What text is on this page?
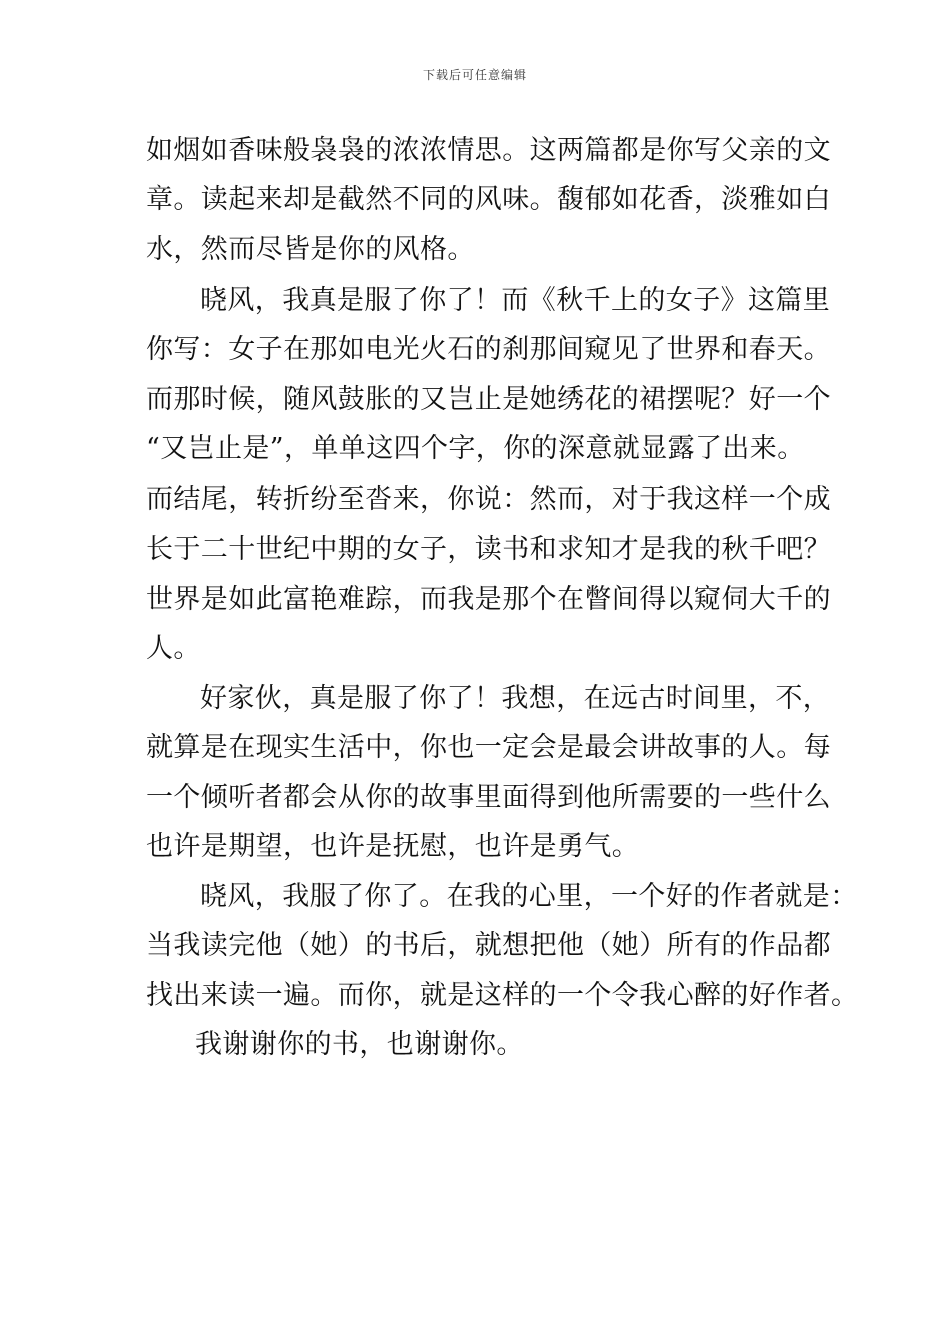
下载后可任意编辑
如烟如香味般袅袅的浓浓情思。这两篇都是你写父亲的文
章。读起来却是截然不同的风味。馥郁如花香，淡雅如白
水，然而尽皆是你的风格。
晓风，我真是服了你了！而《秋千上的女子》这篇里
你写：女子在那如电光火石的刹那间窥见了世界和春天。
而那时候，随风鼓胀的又岂止是她绣花的裙摆呢？好一个
“又岂止是”，单单这四个字，你的深意就显露了出来。
而结尾，转折纷至沓来，你说：然而，对于我这样一个成
长于二十世纪中期的女子，读书和求知才是我的秋千吧？
世界是如此富艳难踪，而我是那个在瞥间得以窥伺大千的
人。
好家伙，真是服了你了！我想，在远古时间里，不，
就算是在现实生活中，你也一定会是最会讲故事的人。每
一个倾听者都会从你的故事里面得到他所需要的一些什么
也许是期望，也许是抚慰，也许是勇气。
晓风，我服了你了。在我的心里，一个好的作者就是：
当我读完他（她）的书后，就想把他（她）所有的作品都
找出来读一遍。而你，就是这样的一个令我心醉的好作者。
我谢谢你的书，也谢谢你。
